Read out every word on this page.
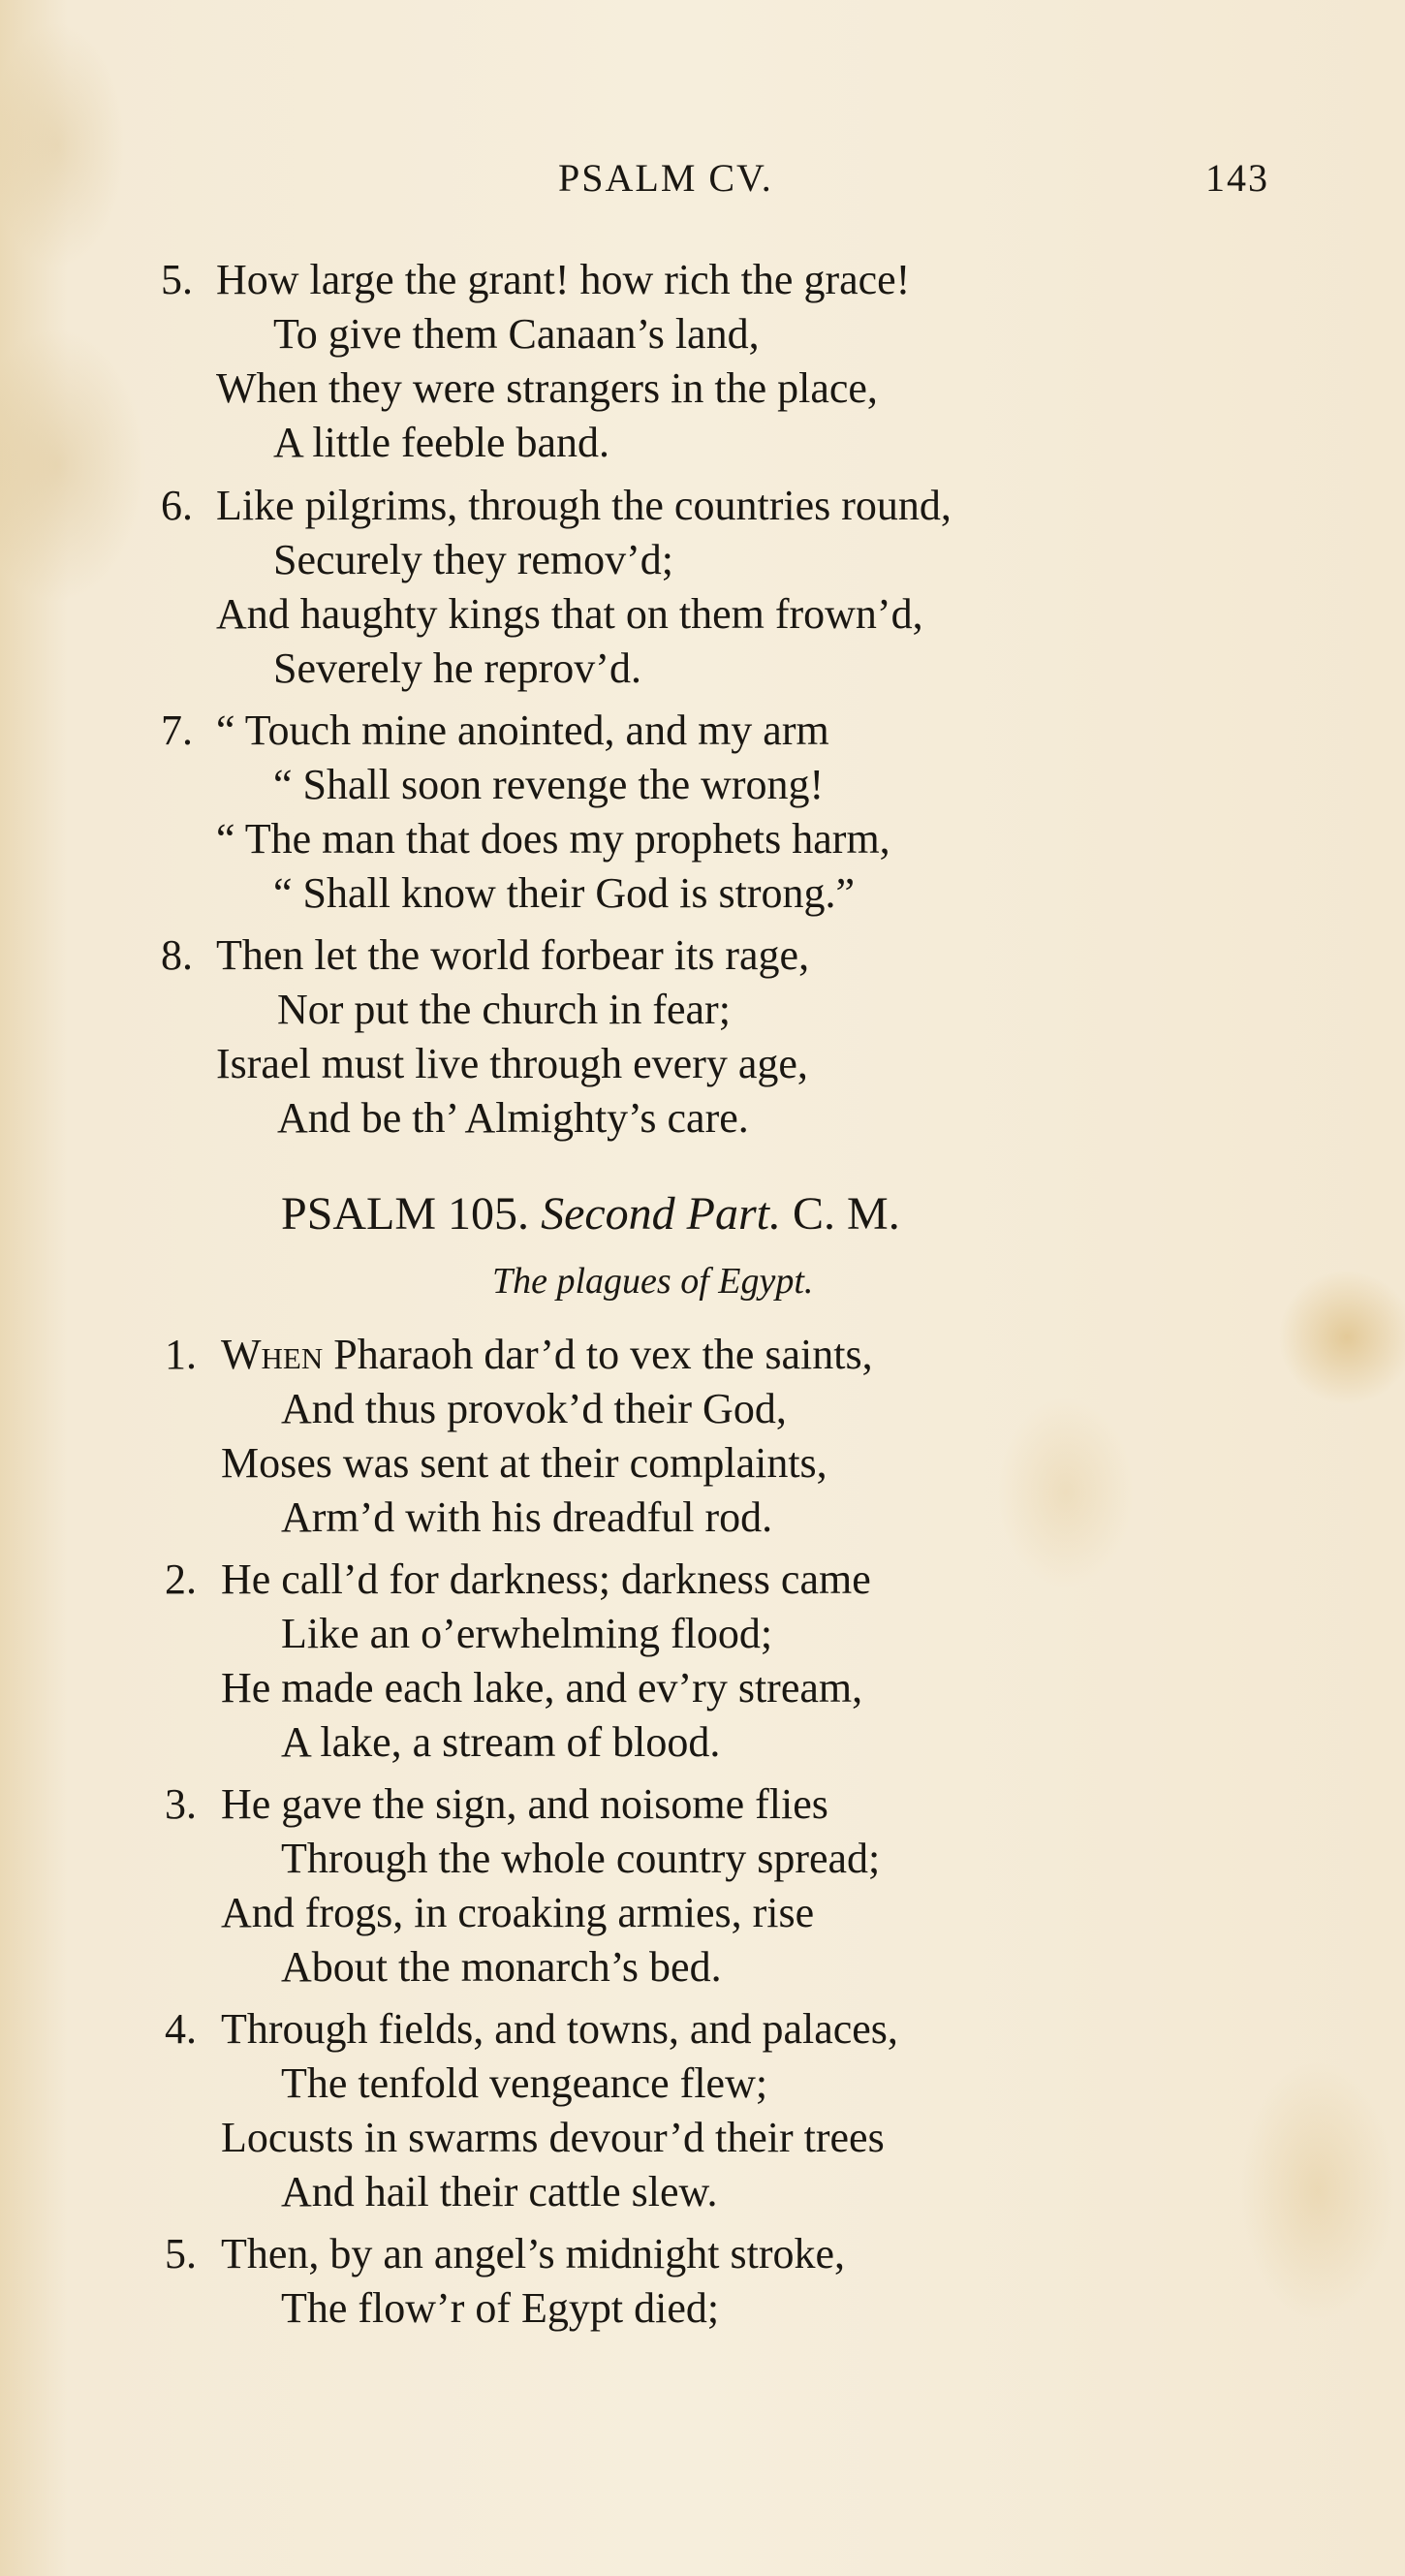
PSALM CV.	143
5. How large the grant! how rich the grace!
To give them Canaan’s land,
When they were strangers in the place,
A little feeble band.
6. Like pilgrims, through the countries round,
Securely they remov’d;
And haughty kings that on them frown’d,
Severely he reprov’d.
7. “ Touch mine anointed, and my arm
“ Shall soon revenge the wrong!
“ The man that does my prophets harm,
“ Shall know their God is strong.”
8. Then let the world forbear its rage,
Nor put the church in fear;
Israel must live through every age,
And be th’ Almighty’s care.
PSALM 105. Second Part. C. M.
The plagues of Egypt.
1. When Pharaoh dar’d to vex the saints,
And thus provok’d their God,
Moses was sent at their complaints,
Arm’d with his dreadful rod.
2. He call’d for darkness; darkness came
Like an o’erwhelming flood;
He made each lake, and ev’ry stream,
A lake, a stream of blood.
3. He gave the sign, and noisome flies
Through the whole country spread;
And frogs, in croaking armies, rise
About the monarch’s bed.
4. Through fields, and towns, and palaces,
The tenfold vengeance flew;
Locusts in swarms devour’d their trees
And hail their cattle slew.
5. Then, by an angel’s midnight stroke,
The flow’r of Egypt died;
